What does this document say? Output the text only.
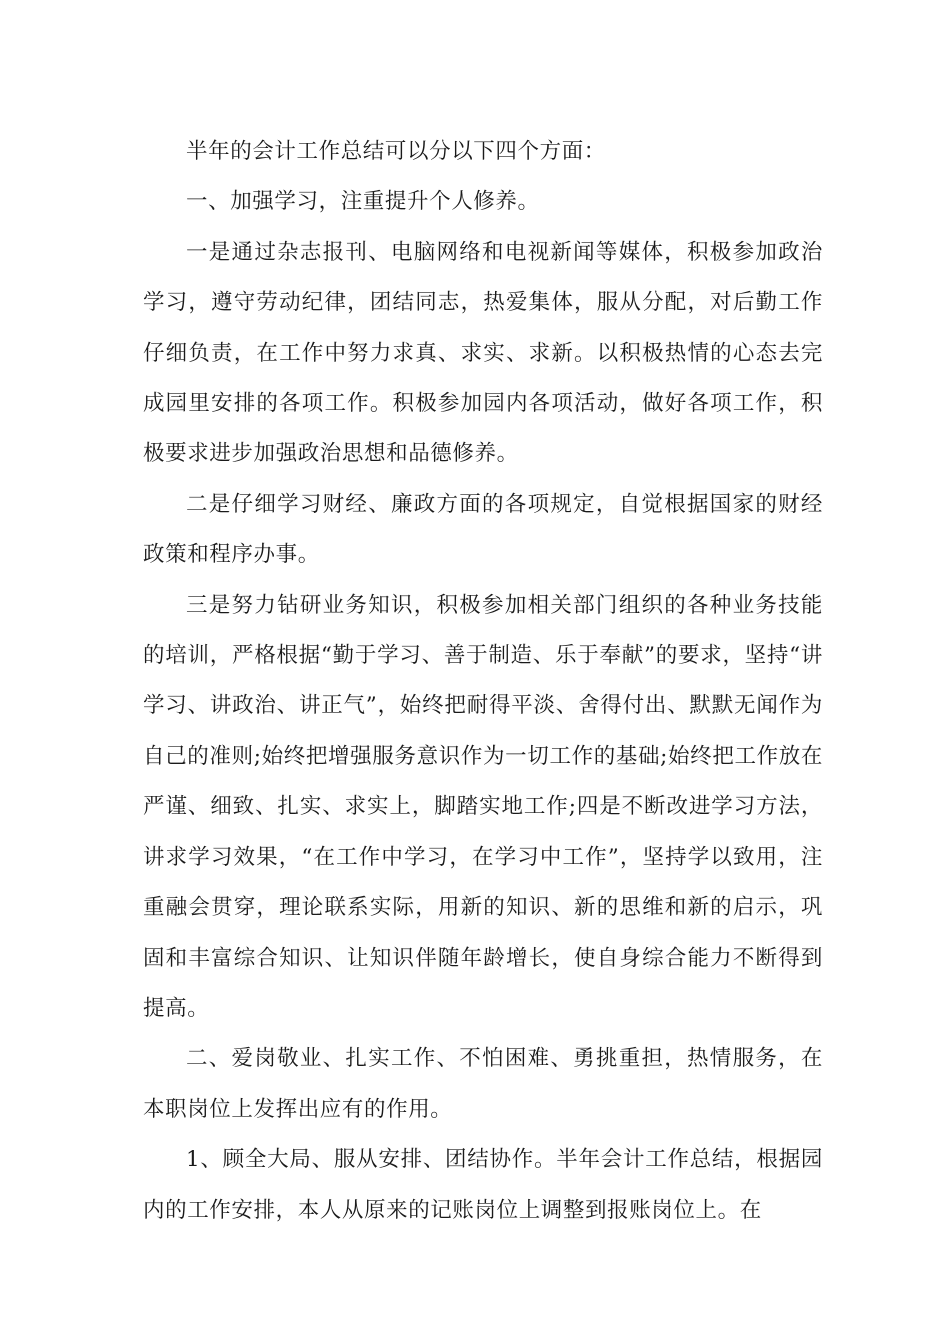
半年的会计工作总结可以分以下四个方面：

一、加强学习，注重提升个人修养。

一是通过杂志报刊、电脑网络和电视新闻等媒体，积极参加政治学习，遵守劳动纪律，团结同志，热爱集体，服从分配，对后勤工作仔细负责，在工作中努力求真、求实、求新。以积极热情的心态去完成园里安排的各项工作。积极参加园内各项活动，做好各项工作，积极要求进步加强政治思想和品德修养。

二是仔细学习财经、廉政方面的各项规定，自觉根据国家的财经政策和程序办事。

三是努力钻研业务知识，积极参加相关部门组织的各种业务技能的培训，严格根据“勤于学习、善于制造、乐于奉献”的要求，坚持“讲学习、讲政治、讲正气”，始终把耐得平淡、舍得付出、默默无闻作为自己的准则;始终把增强服务意识作为一切工作的基础;始终把工作放在严谨、细致、扎实、求实上，脚踏实地工作;四是不断改进学习方法，讲求学习效果，“在工作中学习，在学习中工作”，坚持学以致用，注重融会贯穿，理论联系实际，用新的知识、新的思维和新的启示，巩固和丰富综合知识、让知识伴随年龄增长，使自身综合能力不断得到提高。

二、爱岗敬业、扎实工作、不怕困难、勇挑重担，热情服务，在本职岗位上发挥出应有的作用。

1、顾全大局、服从安排、团结协作。半年会计工作总结，根据园内的工作安排，本人从原来的记账岗位上调整到报账岗位上。在
